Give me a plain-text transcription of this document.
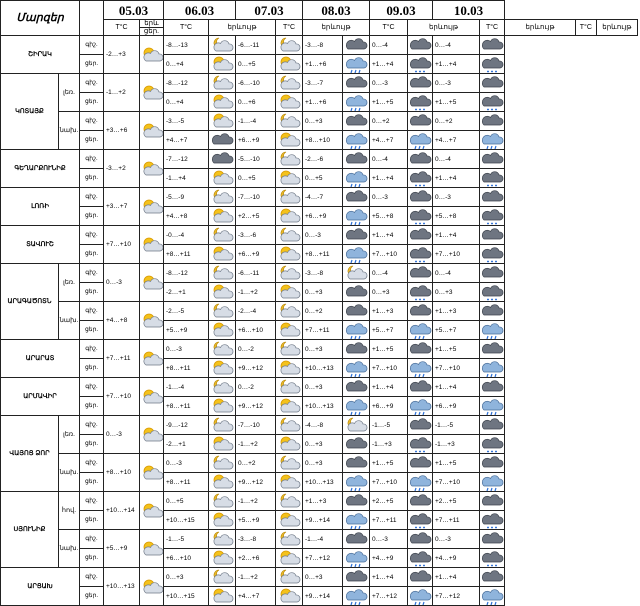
Մարզեր			05.03		06.03		07.03		08.03		09.03		10.03				
			T°C	երև	T°C	երևույթ		T°C	երևույթ		T°C	երևույթ		T°C	երևույթ	T°C	երևույթ
				ցեր.													
ՇԻՐԱԿ		գիշ.	-2…+3		-8…-13		-6…-11		-3…-8		0…-4		0…-4	

		ցեր.			0…+4		0…+5		+1…+6		+1…+4		+1…+4	

ԿՈՏԱՅՔ	լեռ.	գիշ.	-1…+2		-8…-12		-6…-10		-3…-7		0…-3		0…-3	

		ցեր.			0…+4		0…+6		+1…+6		+1…+5		+1…+5	

	նախ.	գիշ.	+3…+6		-3…-5		-1…-4		0…+3		0…+2		0…+2	

		ցեր.			+4…+7		+6…+9		+8…+10		+4…+7		+4…+7	

ԳԵՂԱՐՔՈՒՆԻՔ		գիշ.	-3…+2		-7…-12		-5…-10		-2…-6		0…-4		0…-4	

		ցեր.			-1…+4		0…+5		0…+5		+1…+4		+1…+4	

ԼՈՌԻ		գիշ.	+3…+7		-5…-9		-7…-10		-4…-7		0…-3		0…-3	

		ցեր.			+4…+8		+2…+5		+6…+9		+5…+8		+5…+8	

ՏԱՎՈՒՇ		գիշ.	+7…+10		-0…-4		-3…-6		0…-3		+1…+4		+1…+4	

		ցեր.			+8…+11		+6…+9		+8…+11		+7…+10		+7…+10	

ԱՐԱԳԱԾՈՏՆ	լեռ.	գիշ.	0…-3		-8…-12		-6…-11		-3…-8		0…-4		0…-4	

		ցեր.			-2…+1		-1…+2		0…+3		0…+3		0…+3	

	նախ.	գիշ.	+4…+8		-2…-5		-2…-4		0…+2		+1…+3		+1…+3	

		ցեր.			+5…+9		+6…+10		+7…+11		+5…+7		+5…+7	

ԱՐԱՐԱՏ		գիշ.	+7…+11		0…-3		0…-2		0…+3		+1…+5		+1…+5	

		ցեր.			+8…+11		+9…+12		+10…+13		+7…+10		+7…+10	

ԱՐՄԱՎԻՐ		գիշ.	+7…+10		-1…-4		0…-2		0…+3		+1…+4		+1…+4	

		ցեր.			+8…+11		+9…+12		+10…+13		+6…+9		+6…+9	

ՎԱՅՈՑ ՁՈՐ	լեռ.	գիշ.	0…-3		-9…-12		-7…-10		-4…-8		-1…-5		-1…-5	

		ցեր.			-2…+1		-1…+2		0…+3		-1…+3		-1…+3	

	նախ.	գիշ.	+8…+10		0…-3		0…+2		0…+3		+1…+5		+1…+5	

		ցեր.			+8…+11		+9…+12		+10…+13		+7…+10		+7…+10	

ՍՅՈՒՆԻՔ	հով.	գիշ.	+10…+14		0…+5		-1…+2		+1…+3		+2…+5		+2…+5	

		ցեր.			+10…+15		+5…+9		+9…+14		+7…+11		+7…+11	

	նախ.	գիշ.	+5…+9		-1…-5		-3…-8		-1…-4		0…-3		0…-3	

		ցեր.			+6…+10		+2…+6		+7…+12		+4…+9		+4…+9	

ԱՐՑԱԽ		գիշ.	+10…+13		0…+3		-1…+2		0…+3		+1…+4		+1…+4	

		ցեր.			+10…+15		+4…+7		+9…+14		+7…+12		+7…+12	
